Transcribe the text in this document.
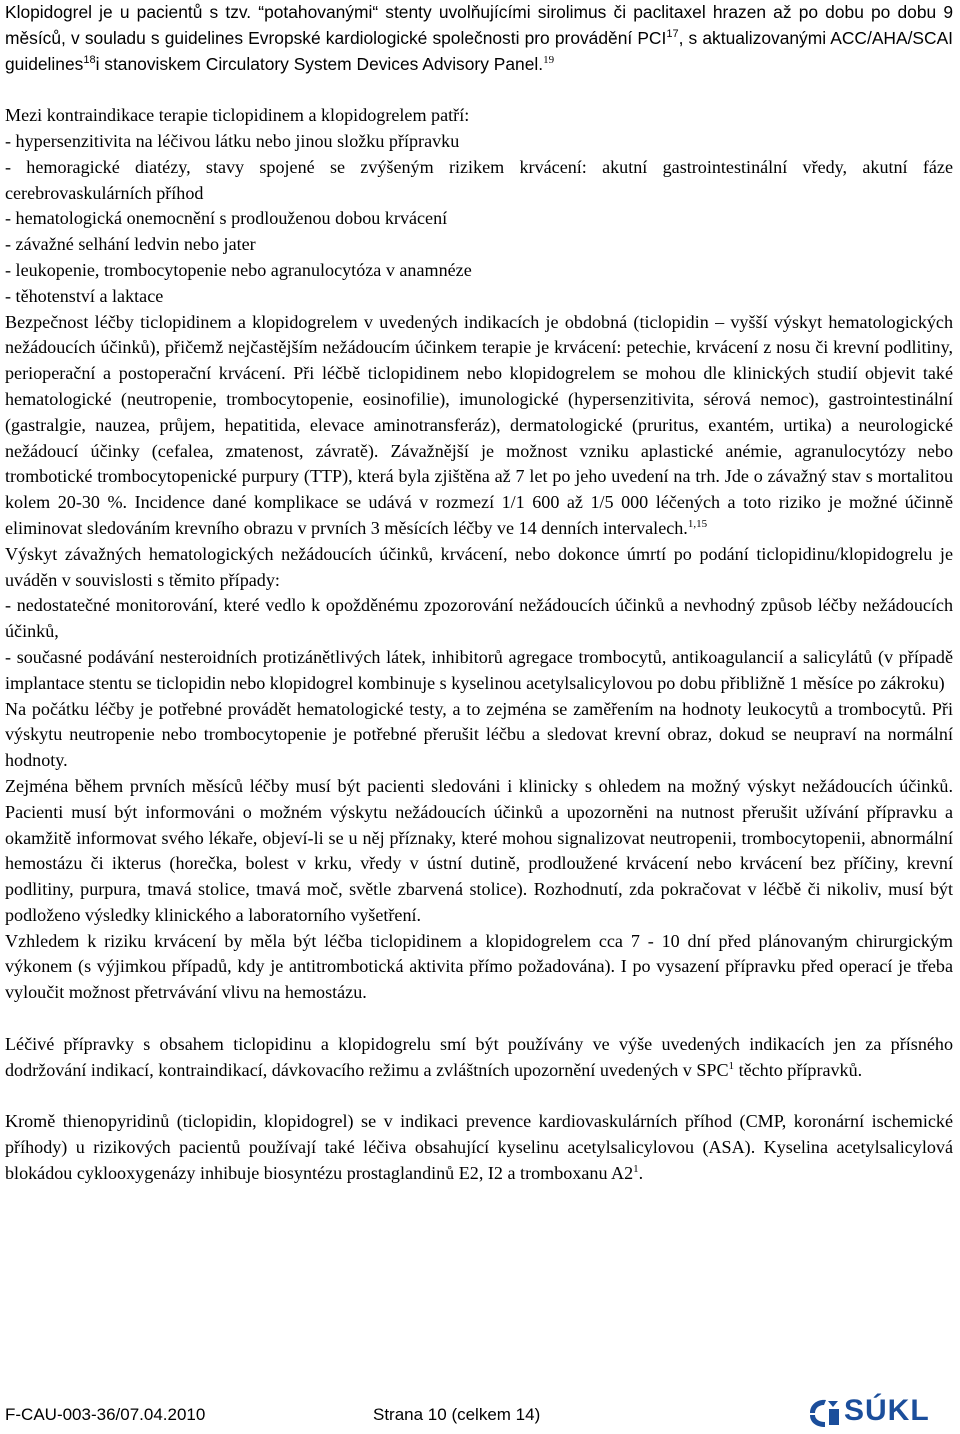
Klopidogrel je u pacientů s tzv. “potahovanými“ stenty uvolňujícími sirolimus či paclitaxel hrazen až po dobu po dobu 9 měsíců, v souladu s guidelines Evropské kardiologické společnosti pro provádění PCI$^{17}$, s aktualizovanými ACC/AHA/SCAI guidelines$^{18}$i stanoviskem Circulatory System Devices Advisory Panel.$^{19}$

Mezi kontraindikace terapie ticlopidinem a klopidogrelem patří:

- hypersenzitivita na léčivou látku nebo jinou složku přípravku

- hemoragické diatézy, stavy spojené se zvýšeným rizikem krvácení: akutní gastrointestinální vředy, akutní fáze cerebrovaskulárních příhod

- hematologická onemocnění s prodlouženou dobou krvácení

- závažné selhání ledvin nebo jater

- leukopenie, trombocytopenie nebo agranulocytóza v anamnéze

- těhotenství a laktace

Bezpečnost léčby ticlopidinem a klopidogrelem v uvedených indikacích je obdobná (ticlopidin – vyšší výskyt hematologických nežádoucích účinků), přičemž nejčastějším nežádoucím účinkem terapie je krvácení: petechie, krvácení z nosu či krevní podlitiny, perioperační a postoperační krvácení. Při léčbě ticlopidinem nebo klopidogrelem se mohou dle klinických studií objevit také hematologické (neutropenie, trombocytopenie, eosinofilie), imunologické (hypersenzitivita, sérová nemoc), gastrointestinální (gastralgie, nauzea, průjem, hepatitida, elevace aminotransferáz), dermatologické (pruritus, exantém, urtika) a neurologické nežádoucí účinky (cefalea, zmatenost, závratě). Závažnější je možnost vzniku aplastické anémie, agranulocytózy nebo trombotické trombocytopenické purpury (TTP), která byla zjištěna až 7 let po jeho uvedení na trh. Jde o závažný stav s mortalitou kolem 20-30 %. Incidence dané komplikace se udává v rozmezí 1/1 600 až 1/5 000 léčených a toto riziko je možné účinně eliminovat sledováním krevního obrazu v prvních 3 měsících léčby ve 14 denních intervalech.$^{1,15}$

Výskyt závažných hematologických nežádoucích účinků, krvácení, nebo dokonce úmrtí po podání ticlopidinu/klopidogrelu je uváděn v souvislosti s těmito případy:

- nedostatečné monitorování, které vedlo k opožděnému zpozorování nežádoucích účinků a nevhodný způsob léčby nežádoucích účinků,

- současné podávání nesteroidních protizánětlivých látek, inhibitorů agregace trombocytů, antikoagulancií a salicylátů (v případě implantace stentu se ticlopidin nebo klopidogrel kombinuje s kyselinou acetylsalicylovou po dobu přibližně 1 měsíce po zákroku)

Na počátku léčby je potřebné provádět hematologické testy, a to zejména se zaměřením na hodnoty leukocytů a trombocytů. Při výskytu neutropenie nebo trombocytopenie je potřebné přerušit léčbu a sledovat krevní obraz, dokud se neupraví na normální hodnoty.

Zejména během prvních měsíců léčby musí být pacienti sledováni i klinicky s ohledem na možný výskyt nežádoucích účinků. Pacienti musí být informováni o možném výskytu nežádoucích účinků a upozorněni na nutnost přerušit užívání přípravku a okamžitě informovat svého lékaře, objeví-li se u něj příznaky, které mohou signalizovat neutropenii, trombocytopenii, abnormální hemostázu či ikterus (horečka, bolest v krku, vředy v ústní dutině, prodloužené krvácení nebo krvácení bez příčiny, krevní podlitiny, purpura, tmavá stolice, tmavá moč, světle zbarvená stolice). Rozhodnutí, zda pokračovat v léčbě či nikoliv, musí být podloženo výsledky klinického a laboratorního vyšetření.

Vzhledem k riziku krvácení by měla být léčba ticlopidinem a klopidogrelem cca 7 - 10 dní před plánovaným chirurgickým výkonem (s výjimkou případů, kdy je antitrombotická aktivita přímo požadována). I po vysazení přípravku před operací je třeba vyloučit možnost přetrvávání vlivu na hemostázu.

Léčivé přípravky s obsahem ticlopidinu a klopidogrelu smí být používány ve výše uvedených indikacích jen za přísného dodržování indikací, kontraindikací, dávkovacího režimu a zvláštních upozornění uvedených v SPC$^1$ těchto přípravků.

Kromě thienopyridinů (ticlopidin, klopidogrel) se v indikaci prevence kardiovaskulárních příhod (CMP, koronární ischemické příhody) u rizikových pacientů používají také léčiva obsahující kyselinu acetylsalicylovou (ASA). Kyselina acetylsalicylová blokádou cyklooxygenázy inhibuje biosyntézu prostaglandinů E2, I2 a tromboxanu $A2^1$.

F-CAU-003-36/07.04.2010	Strana 10 (celkem 14)	SÚKL
